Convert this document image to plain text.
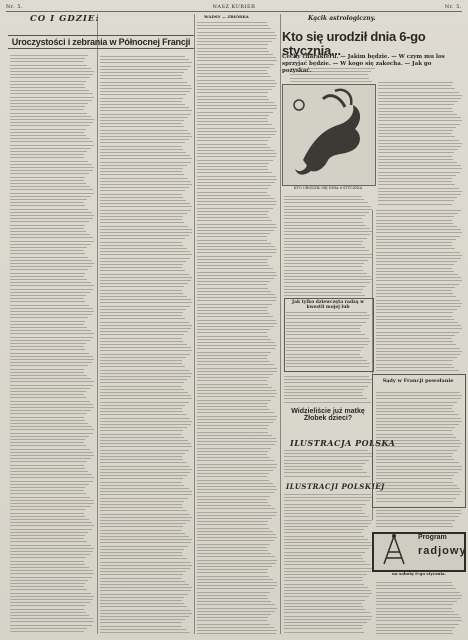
Nr. 5.	NASZ KURIER	Nr. 5.
CO I GDZIE:
Uroczystości i zebrania w Północnej Francji
WADSY — ZBIÓRKA	Kącik astrologiczny.
Kto się urodził dnia 6-go stycznia...
Cechy charakteru. — Jakim będzie. — W czym mu los sprzyjać będzie. — W kogo się zakocha. — Jak go pozyskać.
KTO URODZIŁ SIĘ DNIA 6 STYCZNIA
Jak tylko dziewczęta radzą w kwestii mojej lub
Widzieliście już matkę Żłobek dzieci?
ILUSTRACJA POLSKA
ILUSTRACJI POLSKIEJ
Sądy w Francji powołanie
Program
radjowy
na sobotę 6-go stycznia.
